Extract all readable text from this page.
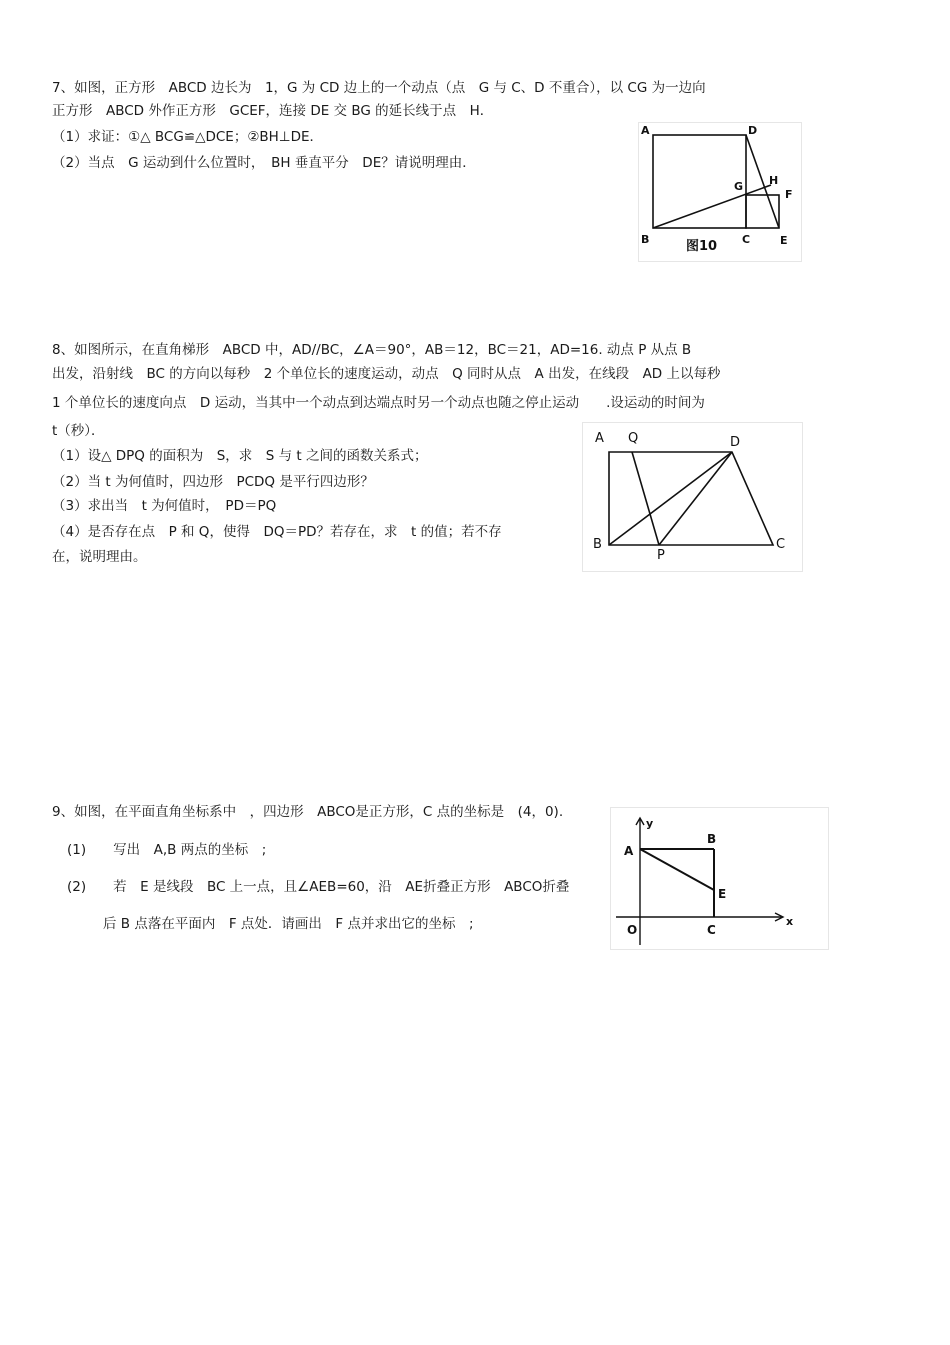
7、如图，正方形　ABCD 边长为　1，G 为 CD 边上的一个动点（点　G 与 C、D 不重合），以 CG 为一边向
正方形　ABCD 外作正方形　GCEF，连接 DE 交 BG 的延长线于点　H．
（1）求证：①△ BCG≌△DCE；②BH⊥DE．
（2）当点　G 运动到什么位置时，　BH 垂直平分　DE？请说明理由．
A	D
G H
F
B	C	E
图10
8、如图所示，在直角梯形　ABCD 中，AD//BC，∠A＝90°，AB＝12，BC＝21，AD=16. 动点 P 从点 B
出发，沿射线　BC 的方向以每秒　2 个单位长的速度运动，动点　Q 同时从点　A 出发，在线段　AD 上以每秒
1 个单位长的速度向点　D 运动，当其中一个动点到达端点时另一个动点也随之停止运动　　.设运动的时间为
t（秒）．
（1）设△ DPQ 的面积为　S，求　S 与 t 之间的函数关系式；
（2）当 t 为何值时，四边形　PCDQ 是平行四边形？
（3）求出当　t 为何值时，　PD＝PQ
（4）是否存在点　P 和 Q，使得　DQ＝PD？若存在，求　t 的值；若不存
在，说明理由。
A Q	D
B
P
C
9、如图，在平面直角坐标系中　，四边形　ABCO是正方形，C 点的坐标是　(4，0).
(1)　　写出　A,B 两点的坐标　;
(2)　　若　E 是线段　BC 上一点，且∠AEB=60，沿　AE折叠正方形　ABCO折叠
后 B 点落在平面内　F 点处．请画出　F 点并求出它的坐标　;
y
x
A
B
E
O	C
